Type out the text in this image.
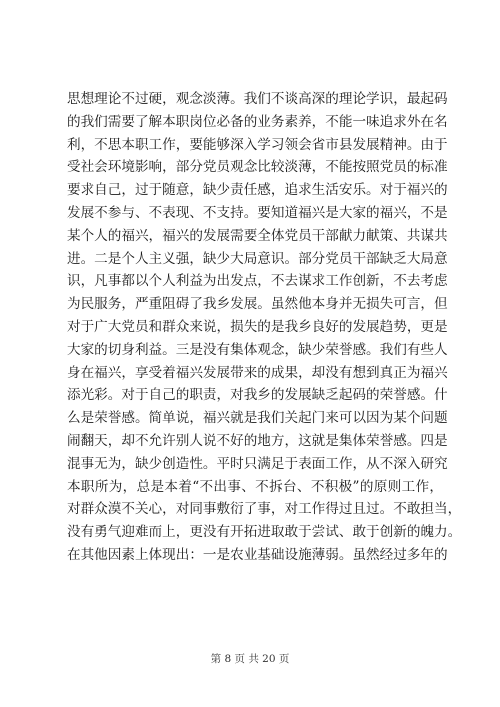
思想理论不过硬，观念淡薄。我们不谈高深的理论学识，最起码
的我们需要了解本职岗位必备的业务素养，不能一味追求外在名
利，不思本职工作，要能够深入学习领会省市县发展精神。由于
受社会环境影响，部分党员观念比较淡薄，不能按照党员的标准
要求自己，过于随意，缺少责任感，追求生活安乐。对于福兴的
发展不参与、不表现、不支持。要知道福兴是大家的福兴，不是
某个人的福兴，福兴的发展需要全体党员干部献力献策、共谋共
进。二是个人主义强，缺少大局意识。部分党员干部缺乏大局意
识，凡事都以个人利益为出发点，不去谋求工作创新，不去考虑
为民服务，严重阻碍了我乡发展。虽然他本身并无损失可言，但
对于广大党员和群众来说，损失的是我乡良好的发展趋势，更是
大家的切身利益。三是没有集体观念，缺少荣誉感。我们有些人
身在福兴，享受着福兴发展带来的成果，却没有想到真正为福兴
添光彩。对于自己的职责，对我乡的发展缺乏起码的荣誉感。什
么是荣誉感。简单说，福兴就是我们关起门来可以因为某个问题
闹翻天，却不允许别人说不好的地方，这就是集体荣誉感。四是
混事无为，缺少创造性。平时只满足于表面工作，从不深入研究
本职所为，总是本着“不出事、不拆台、不积极”的原则工作，
对群众漠不关心，对同事敷衍了事，对工作得过且过。不敢担当，
没有勇气迎难而上，更没有开拓进取敢于尝试、敢于创新的魄力。
在其他因素上体现出：一是农业基础设施薄弱。虽然经过多年的
第 8 页 共 20 页
